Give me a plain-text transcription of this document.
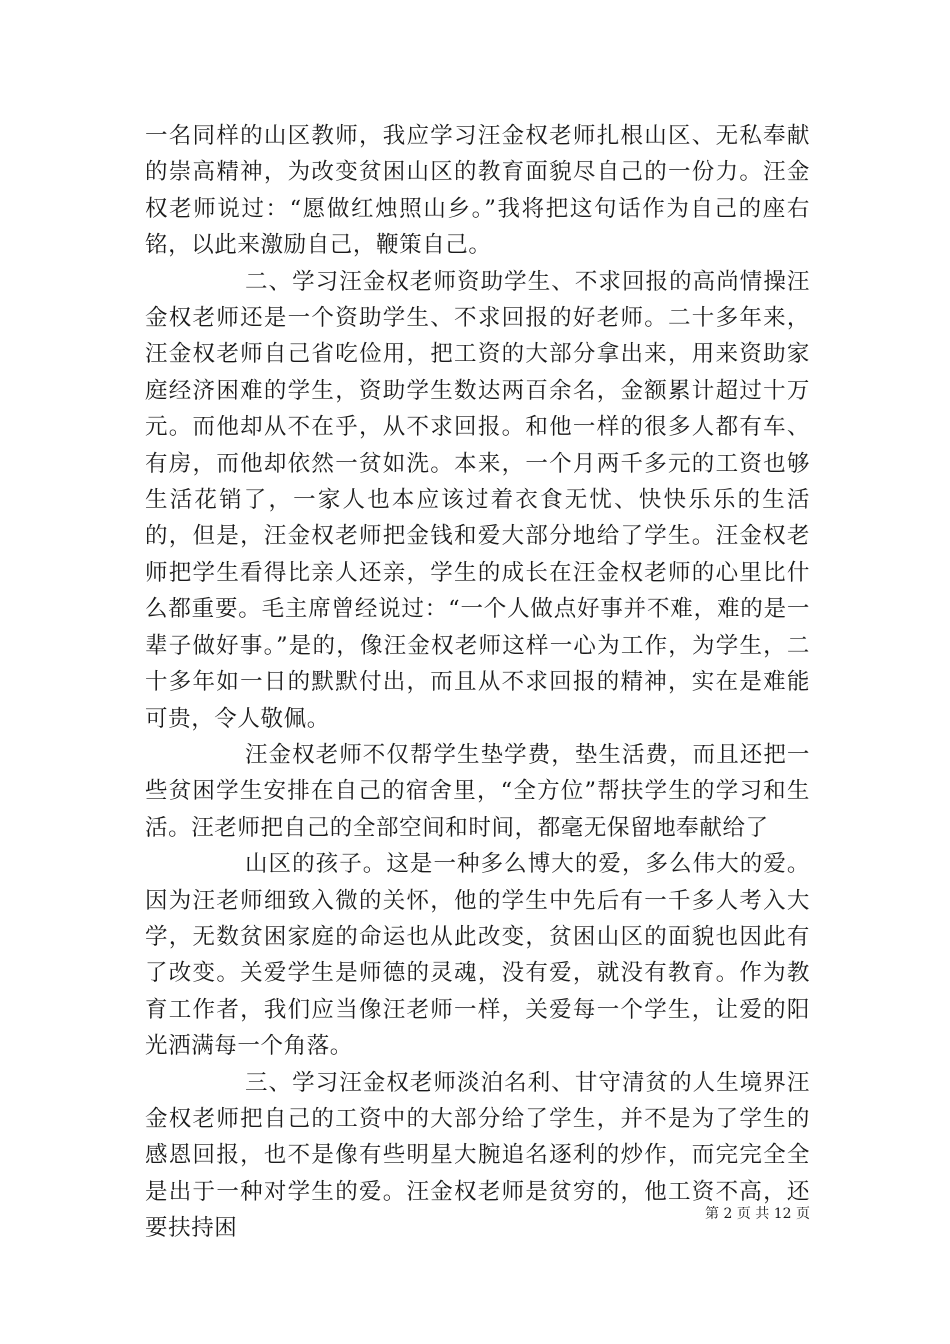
一名同样的山区教师，我应学习汪金权老师扎根山区、无私奉献的崇高精神，为改变贫困山区的教育面貌尽自己的一份力。汪金权老师说过：“愿做红烛照山乡。”我将把这句话作为自己的座右铭，以此来激励自己，鞭策自己。

二、学习汪金权老师资助学生、不求回报的高尚情操汪金权老师还是一个资助学生、不求回报的好老师。二十多年来，汪金权老师自己省吃俭用，把工资的大部分拿出来，用来资助家庭经济困难的学生，资助学生数达两百余名，金额累计超过十万元。而他却从不在乎，从不求回报。和他一样的很多人都有车、有房，而他却依然一贫如洗。本来，一个月两千多元的工资也够生活花销了，一家人也本应该过着衣食无忧、快快乐乐的生活的，但是，汪金权老师把金钱和爱大部分地给了学生。汪金权老师把学生看得比亲人还亲，学生的成长在汪金权老师的心里比什么都重要。毛主席曾经说过：“一个人做点好事并不难，难的是一辈子做好事。”是的，像汪金权老师这样一心为工作，为学生，二十多年如一日的默默付出，而且从不求回报的精神，实在是难能可贵，令人敬佩。

汪金权老师不仅帮学生垫学费，垫生活费，而且还把一些贫困学生安排在自己的宿舍里，“全方位”帮扶学生的学习和生活。汪老师把自己的全部空间和时间，都毫无保留地奉献给了

山区的孩子。这是一种多么博大的爱，多么伟大的爱。因为汪老师细致入微的关怀，他的学生中先后有一千多人考入大学，无数贫困家庭的命运也从此改变，贫困山区的面貌也因此有了改变。关爱学生是师德的灵魂，没有爱，就没有教育。作为教育工作者，我们应当像汪老师一样，关爱每一个学生，让爱的阳光洒满每一个角落。

三、学习汪金权老师淡泊名利、甘守清贫的人生境界汪金权老师把自己的工资中的大部分给了学生，并不是为了学生的感恩回报，也不是像有些明星大腕追名逐利的炒作，而完完全全是出于一种对学生的爱。汪金权老师是贫穷的，他工资不高，还要扶持困

第 2 页 共 12 页
